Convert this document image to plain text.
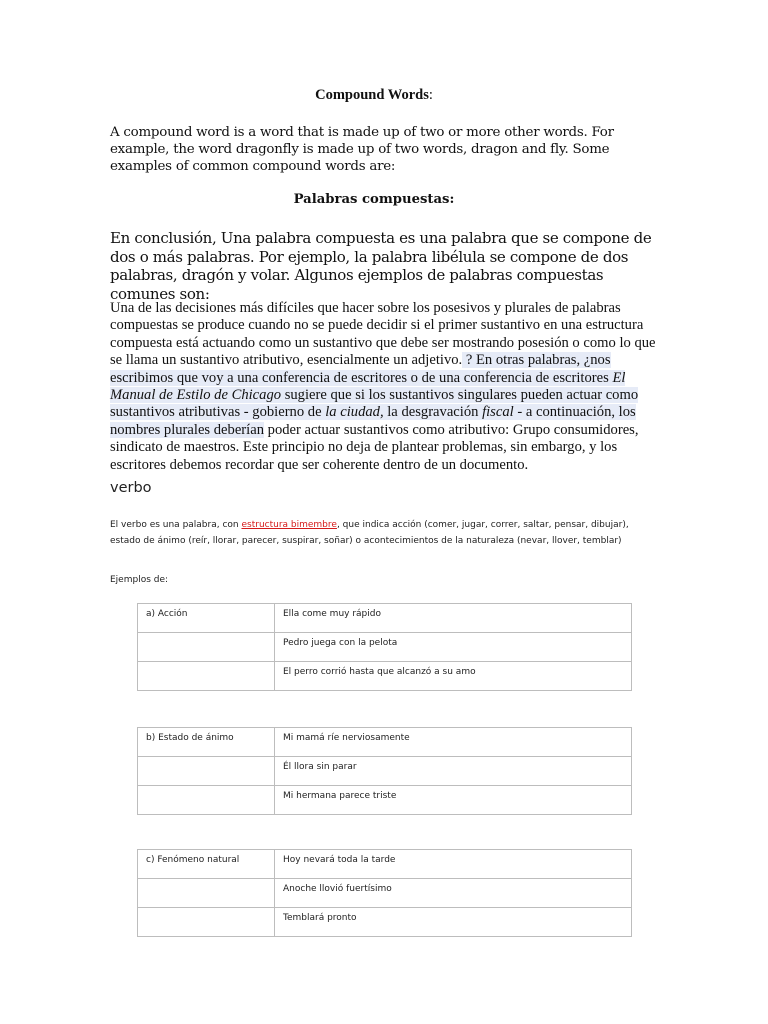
Compound Words:
A compound word is a word that is made up of two or more other words. For example, the word dragonfly is made up of two words, dragon and fly. Some examples of common compound words are:
Palabras compuestas:
En conclusión, Una palabra compuesta es una palabra que se compone de dos o más palabras. Por ejemplo, la palabra libélula se compone de dos palabras, dragón y volar. Algunos ejemplos de palabras compuestas comunes son:
Una de las decisiones más difíciles que hacer sobre los posesivos y plurales de palabras compuestas se produce cuando no se puede decidir si el primer sustantivo en una estructura compuesta está actuando como un sustantivo que debe ser mostrando posesión o como lo que se llama un sustantivo atributivo, esencialmente un adjetivo. ? En otras palabras, ¿nos escribimos que voy a una conferencia de escritores o de una conferencia de escritores El Manual de Estilo de Chicago sugiere que si los sustantivos singulares pueden actuar como sustantivos atributivas - gobierno de la ciudad, la desgravación fiscal - a continuación, los nombres plurales deberían poder actuar sustantivos como atributivo: Grupo consumidores, sindicato de maestros. Este principio no deja de plantear problemas, sin embargo, y los escritores debemos recordar que ser coherente dentro de un documento.
verbo
El verbo es una palabra, con estructura bimembre, que indica acción (comer, jugar, correr, saltar, pensar, dibujar), estado de ánimo (reír, llorar, parecer, suspirar, soñar) o acontecimientos de la naturaleza (nevar, llover, temblar)
Ejemplos de:
a) Acción	Ella come muy rápido
	Pedro juega con la pelota
	El perro corrió hasta que alcanzó a su amo
b) Estado de ánimo	Mi mamá ríe nerviosamente
	Él llora sin parar
	Mi hermana parece triste
c) Fenómeno natural	Hoy nevará toda la tarde
	Anoche llovió fuertísimo
	Temblará pronto
